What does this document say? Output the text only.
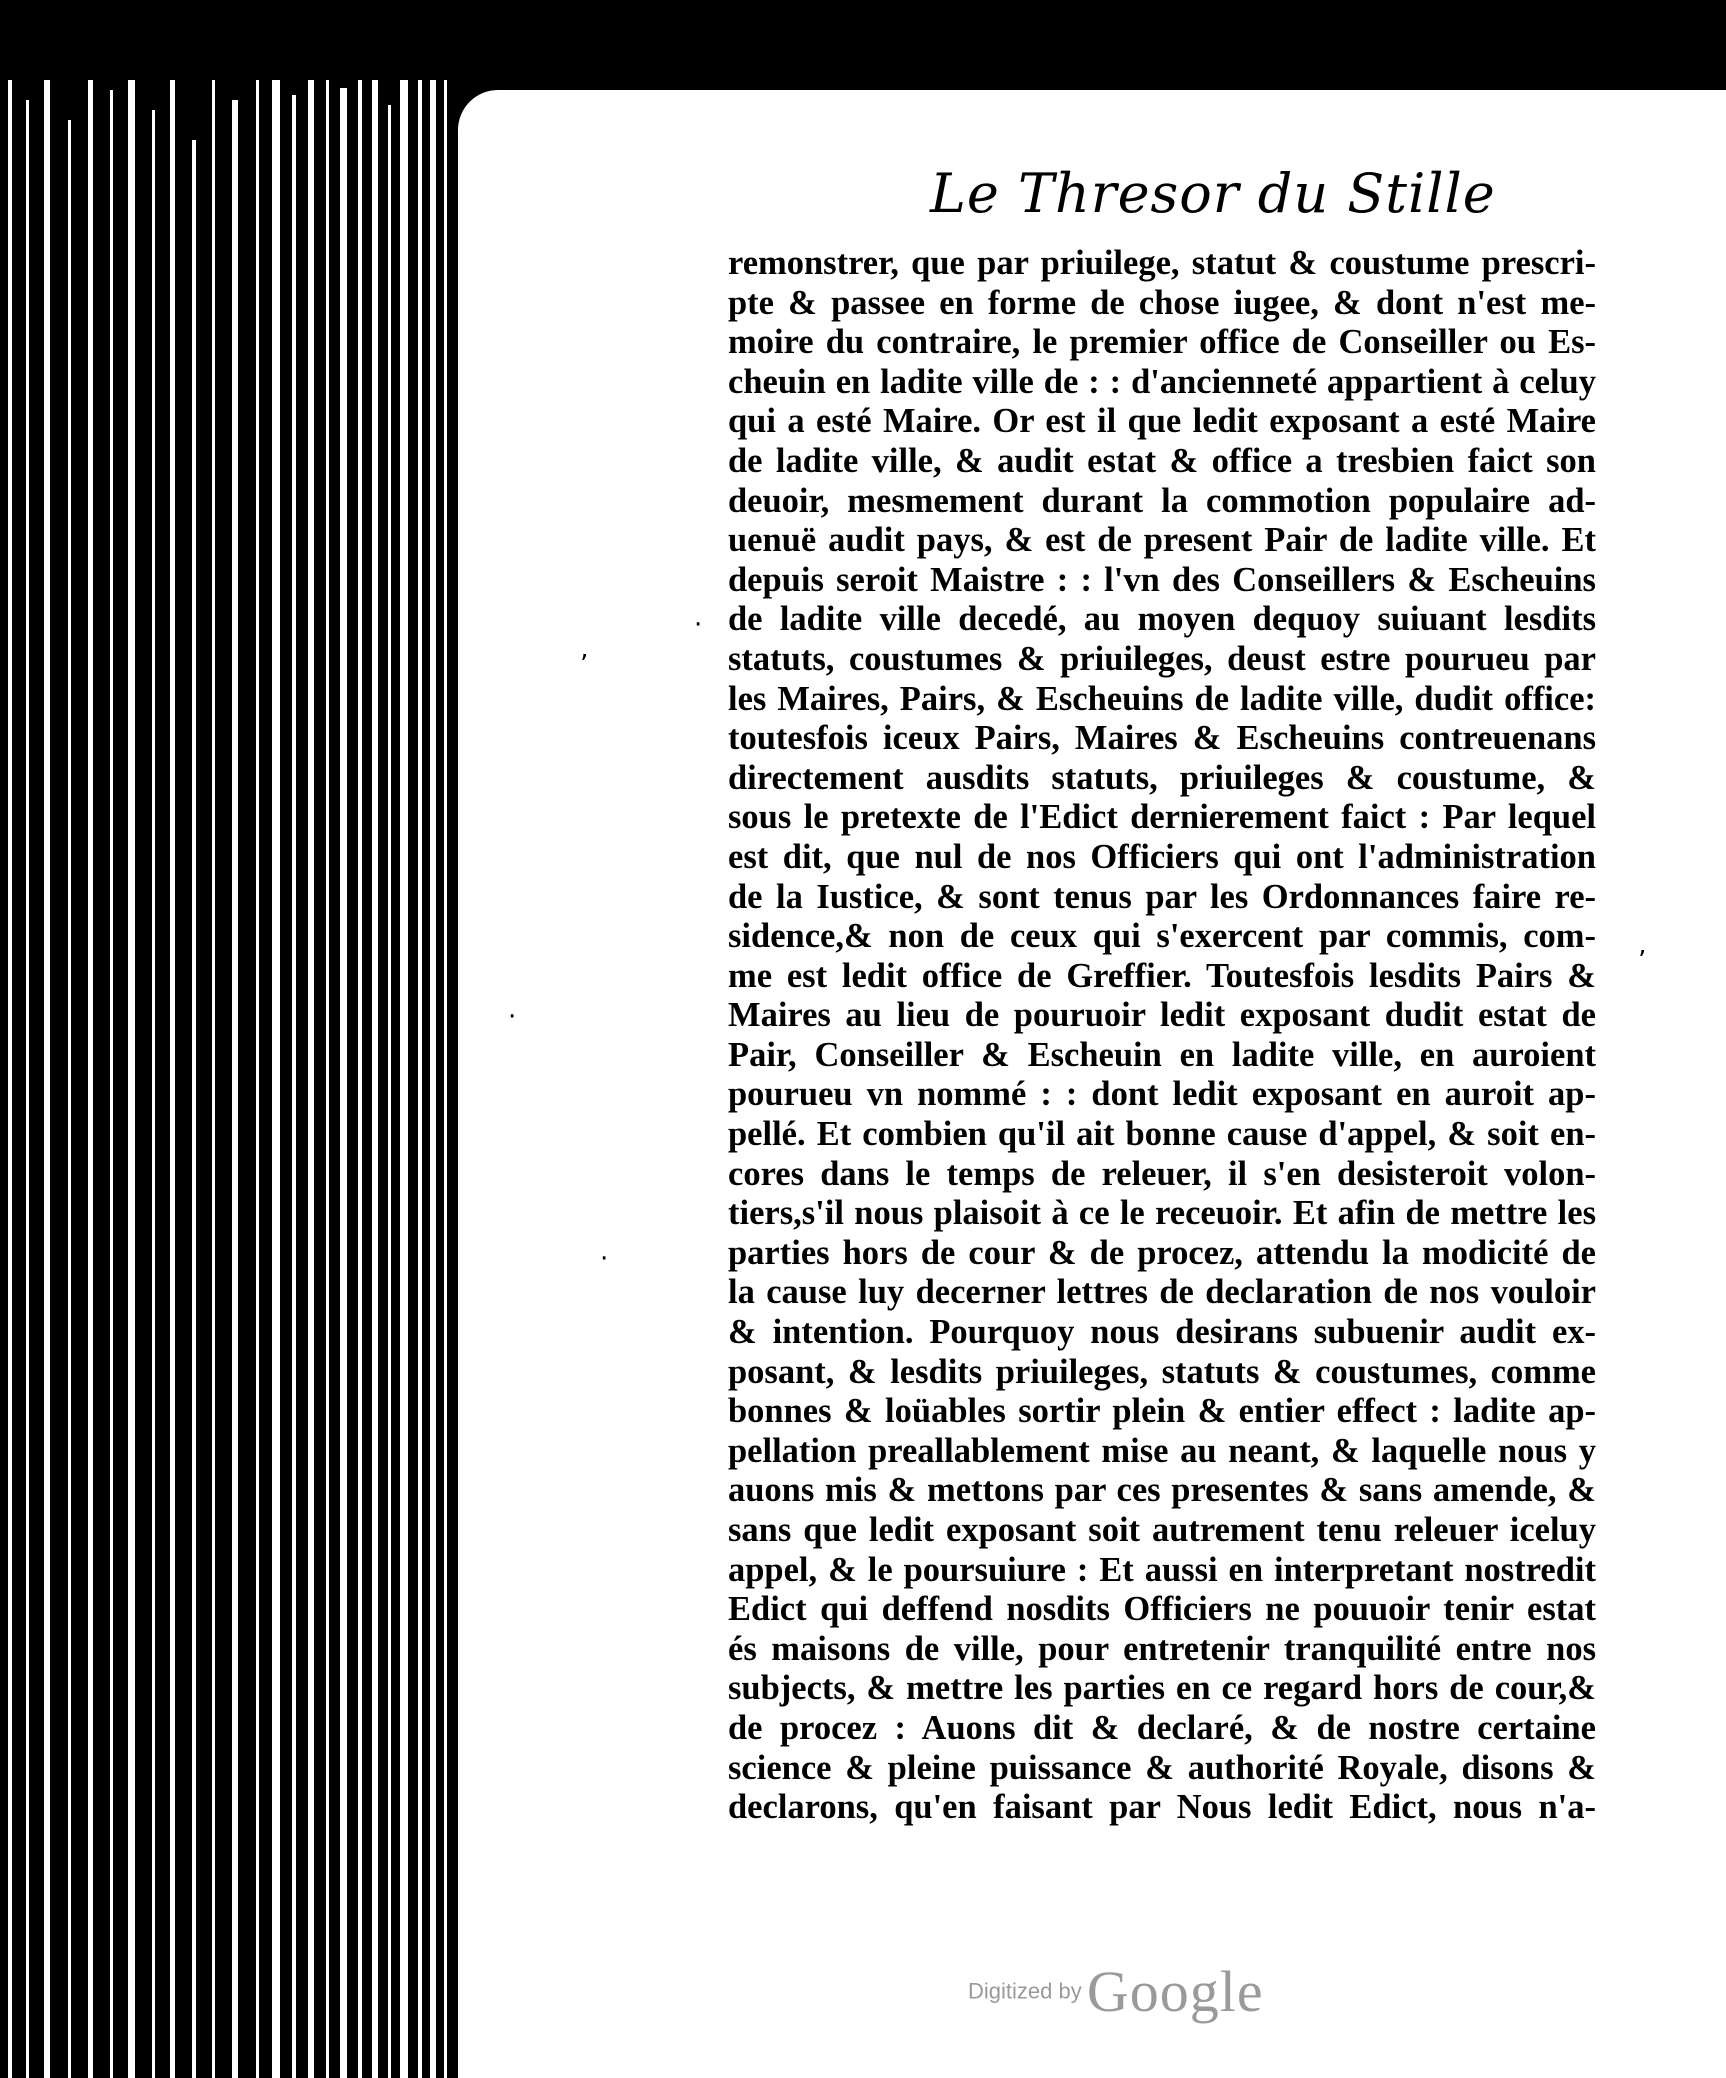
Le Thresor du Stille
remonstrer, que par priuilege, statut & coustume prescri-
pte & passee en forme de chose iugee, & dont n'est me-
moire du contraire, le premier office de Conseiller ou Es-
cheuin en ladite ville de : : d'ancienneté appartient à celuy
qui a esté Maire. Or est il que ledit exposant a esté Maire
de ladite ville, & audit estat & office a tresbien faict son
deuoir, mesmement durant la commotion populaire ad-
uenuë audit pays, & est de present Pair de ladite ville. Et
depuis seroit Maistre : : l'vn des Conseillers & Escheuins
de ladite ville decedé, au moyen dequoy suiuant lesdits
statuts, coustumes & priuileges, deust estre pourueu par
les Maires, Pairs, & Escheuins de ladite ville, dudit office:
toutesfois iceux Pairs, Maires & Escheuins contreuenans
directement ausdits statuts, priuileges & coustume, &
sous le pretexte de l'Edict dernierement faict : Par lequel
est dit, que nul de nos Officiers qui ont l'administration
de la Iustice, & sont tenus par les Ordonnances faire re-
sidence,& non de ceux qui s'exercent par commis, com-
me est ledit office de Greffier. Toutesfois lesdits Pairs &
Maires au lieu de pouruoir ledit exposant dudit estat de
Pair, Conseiller & Escheuin en ladite ville, en auroient
pourueu vn nommé : : dont ledit exposant en auroit ap-
pellé. Et combien qu'il ait bonne cause d'appel, & soit en-
cores dans le temps de releuer, il s'en desisteroit volon-
tiers,s'il nous plaisoit à ce le receuoir. Et afin de mettre les
parties hors de cour & de procez, attendu la modicité de
la cause luy decerner lettres de declaration de nos vouloir
& intention. Pourquoy nous desirans subuenir audit ex-
posant, & lesdits priuileges, statuts & coustumes, comme
bonnes & loüables sortir plein & entier effect : ladite ap-
pellation preallablement mise au neant, & laquelle nous y
auons mis & mettons par ces presentes & sans amende, &
sans que ledit exposant soit autrement tenu releuer iceluy
appel, & le poursuiure : Et aussi en interpretant nostredit
Edict qui deffend nosdits Officiers ne pouuoir tenir estat
és maisons de ville, pour entretenir tranquilité entre nos
subjects, & mettre les parties en ce regard hors de cour,&
de procez : Auons dit & declaré, & de nostre certaine
science & pleine puissance & authorité Royale, disons &
declarons, qu'en faisant par Nous ledit Edict, nous n'a-
·
ʼ
ʼ
·
·
Digitized by Google
